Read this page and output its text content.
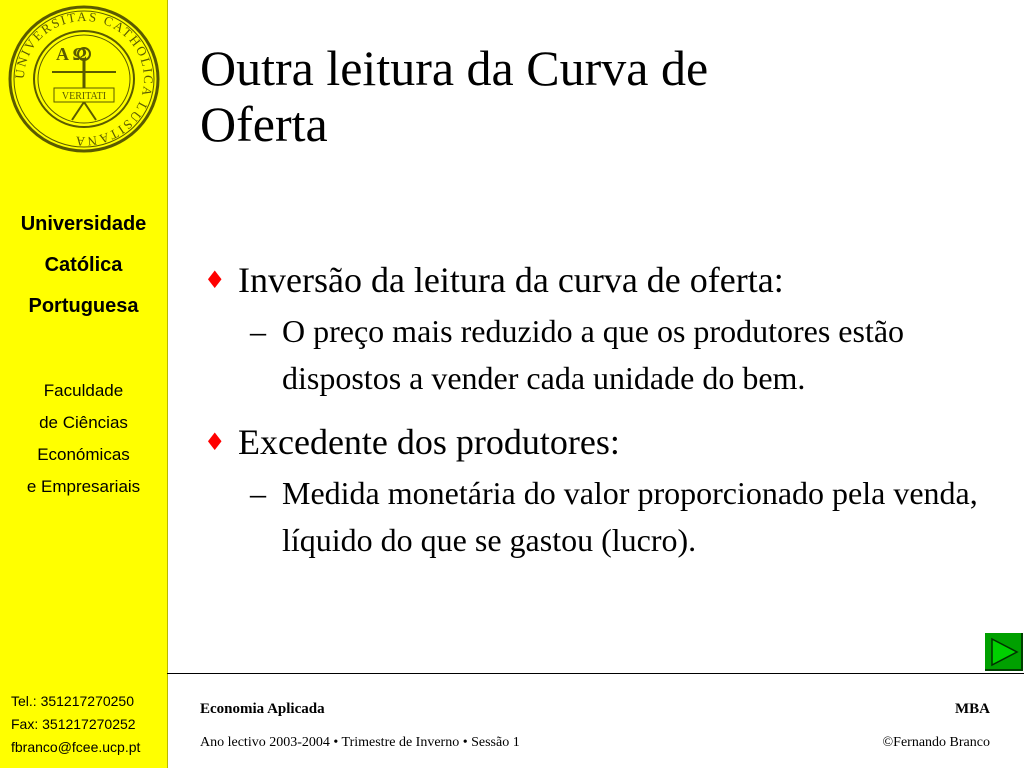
UNIVERSITAS CATHOLICA LUSITANA
A Ω
VERITATI
Universidade
Católica
Portuguesa
Faculdade
de Ciências
Económicas
e Empresariais
Tel.: 351217270250
Fax: 351217270252
fbranco@fcee.ucp.pt
Outra leitura da Curva de
Oferta
♦ Inversão da leitura da curva de oferta:
– O preço mais reduzido a que os produtores estão dispostos a vender cada unidade do bem.
♦ Excedente dos produtores:
– Medida monetária do valor proporcionado pela venda, líquido do que se gastou (lucro).
Economia Aplicada	MBA
Ano lectivo 2003-2004 • Trimestre de Inverno • Sessão 1	©Fernando Branco
